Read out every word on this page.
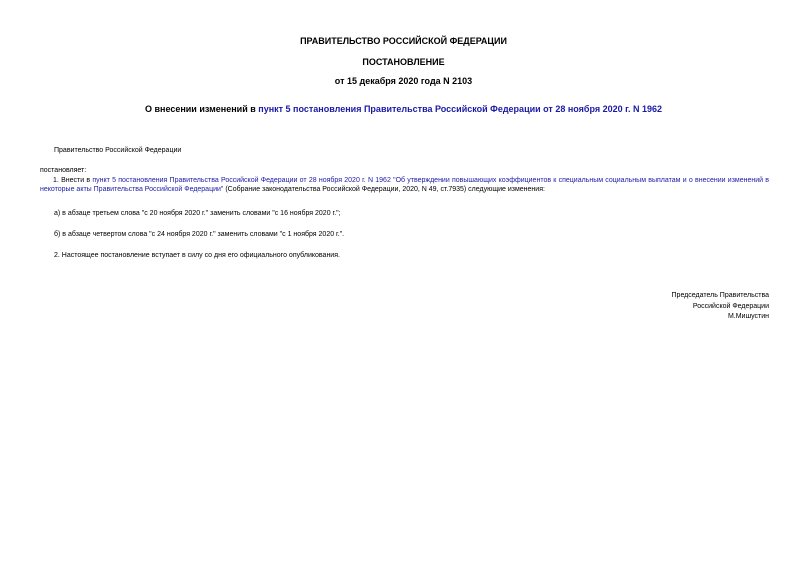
ПРАВИТЕЛЬСТВО РОССИЙСКОЙ ФЕДЕРАЦИИ
ПОСТАНОВЛЕНИЕ
от 15 декабря 2020 года N 2103
О внесении изменений в пункт 5 постановления Правительства Российской Федерации от 28 ноября 2020 г. N 1962
Правительство Российской Федерации
постановляет:
1. Внести в пункт 5 постановления Правительства Российской Федерации от 28 ноября 2020 г. N 1962 "Об утверждении повышающих коэффициентов к специальным социальным выплатам и о внесении изменений в некоторые акты Правительства Российской Федерации" (Собрание законодательства Российской Федерации, 2020, N 49, ст.7935) следующие изменения:
а) в абзаце третьем слова "с 20 ноября 2020 г." заменить словами "с 16 ноября 2020 г.";
б) в абзаце четвертом слова "с 24 ноября 2020 г." заменить словами "с 1 ноября 2020 г.".
2. Настоящее постановление вступает в силу со дня его официального опубликования.
Председатель Правительства
Российской Федерации
М.Мишустин
